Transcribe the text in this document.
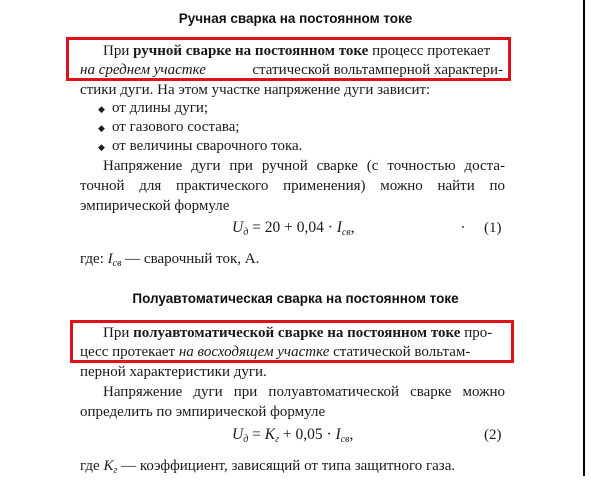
Ручная сварка на постоянном токе
При ручной сварке на постоянном токе процесс протекает
на среднем участке	статической вольтамперной характери-
стики дуги. На этом участке напряжение дуги зависит:
◆ от длины дуги;
◆ от газового состава;
◆ от величины сварочного тока.
Напряжение дуги при ручной сварке (с точностью доста-
точной для практического применения) можно найти по
эмпирической формуле
$U_д = 20 + 0,04 \cdot I_{св}$,	(1)
где: $I_{св}$ — сварочный ток, А.
Полуавтоматическая сварка на постоянном токе
При полуавтоматической сварке на постоянном токе про-
цесс протекает на восходящем участке статической вольтам-
перной характеристики дуги.
Напряжение дуги при полуавтоматической сварке можно
определить по эмпирической формуле
$U_д = K_г + 0,05 \cdot I_{св}$,	(2)
где $K_г$ — коэффициент, зависящий от типа защитного газа.
